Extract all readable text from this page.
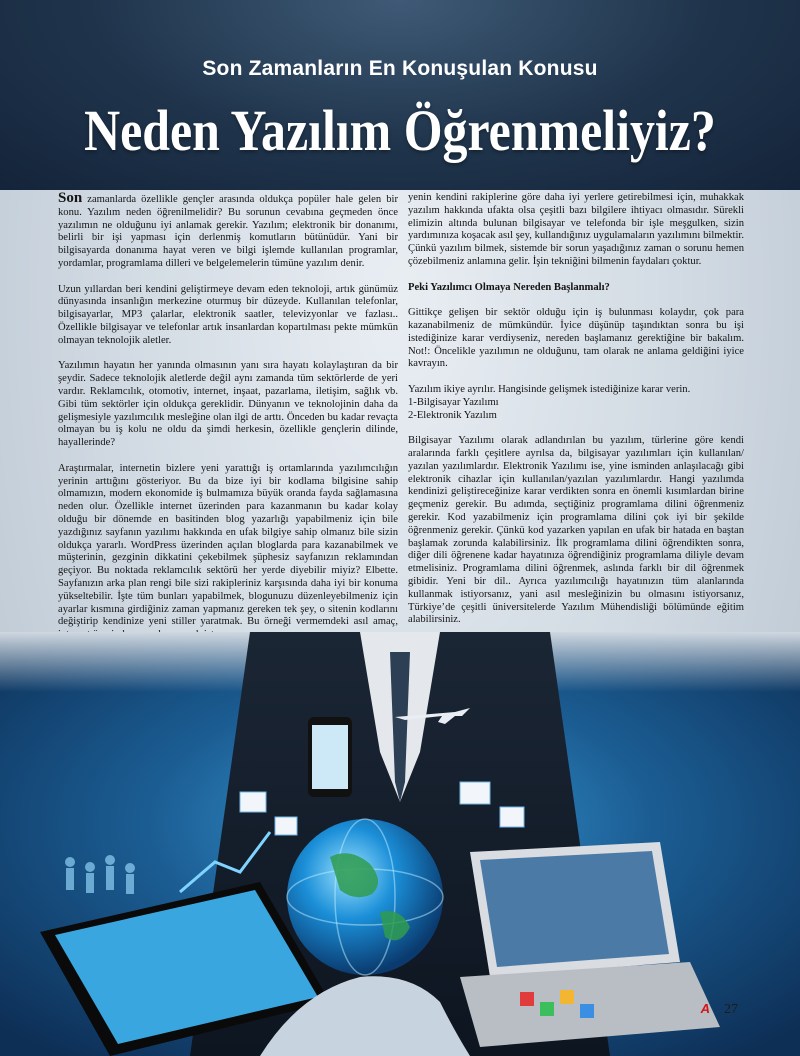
Son Zamanların En Konuşulan Konusu
Neden Yazılım Öğrenmeliyiz?

Son zamanlarda özellikle gençler arasında oldukça popüler hale gelen bir konu. Yazılım neden öğrenilmelidir? Bu sorunun cevabına geçmeden önce yazılımın ne olduğunu iyi anlamak gerekir. Yazılım; elektronik bir donanımı, belirli bir işi yapması için derlenmiş komutların bütünüdür. Yani bir bilgisayarda donanıma hayat veren ve bilgi işlemde kullanılan programlar, yordamlar, programlama dilleri ve belgelemelerin tümüne yazılım denir.

Uzun yıllardan beri kendini geliştirmeye devam eden teknoloji, artık günümüz dünyasında insanlığın merkezine oturmuş bir düzeyde. Kullanılan telefonlar, bilgisayarlar, MP3 çalarlar, elektronik saatler, televizyonlar ve fazlası.. Özellikle bilgisayar ve telefonlar artık insanlardan kopartılması pekte mümkün olmayan teknolojik aletler.

Yazılımın hayatın her yanında olmasının yanı sıra hayatı kolaylaştıran da bir şeydir. Sadece teknolojik aletlerde değil aynı zamanda tüm sektörlerde de yeri vardır. Reklamcılık, otomotiv, internet, inşaat, pazarlama, iletişim, sağlık vb. Gibi tüm sektörler için oldukça gereklidir. Dünyanın ve teknolojinin daha da gelişmesiyle yazılımcılık mesleğine olan ilgi de arttı. Önceden bu kadar revaçta olmayan bu iş kolu ne oldu da şimdi herkesin, özellikle gençlerin dilinde, hayallerinde?

Araştırmalar, internetin bizlere yeni yarattığı iş ortamlarında yazılımcılığın yerinin arttığını gösteriyor. Bu da bize iyi bir kodlama bilgisine sahip olmamızın, modern ekonomide iş bulmamıza büyük oranda fayda sağlamasına neden olur. Özellikle internet üzerinden para kazanmanın bu kadar kolay olduğu bir dönemde en basitinden blog yazarlığı yapabilmeniz için bile yazdığınız sayfanın yazılımı hakkında en ufak bilgiye sahip olmanız bile sizin oldukça yararlı. WordPress üzerinden açılan bloglarda para kazanabilmek ve müşterinin, gezginin dikkatini çekebilmek şüphesiz sayfanızın reklamından geçiyor. Bu noktada reklamcılık sektörü her yerde diyebilir miyiz? Elbette. Sayfanızın arka plan rengi bile sizi rakipleriniz karşısında daha iyi bir konuma yükseltebilir. İşte tüm bunları yapabilmek, blogunuzu düzenleyebilmeniz için ayarlar kısmına girdiğiniz zaman yapmanız gereken tek şey, o sitenin kodlarını değiştirip kendinize yeni stiller yaratmak. Bu örneği vermemdeki asıl amaç,

yenin kendini rakiplerine göre daha iyi yerlere getirebilmesi için, muhakkak yazılım hakkında ufakta olsa çeşitli bazı bilgilere ihtiyacı olmasıdır. Sürekli elimizin altında bulunan bilgisayar ve telefonda bir işle meşgulken, sizin yardımınıza koşacak asıl şey, kullandığınız uygulamaların yazılımını bilmektir. Çünkü yazılım bilmek, sistemde bir sorun yaşadığınız zaman o sorunu hemen çözebilmeniz anlamına gelir. İşin tekniğini bilmenin faydaları çoktur.

Peki Yazılımcı Olmaya Nereden Başlanmalı?

Gittikçe gelişen bir sektör olduğu için iş bulunması kolaydır, çok para kazanabilmeniz de mümkündür. İyice düşünüp taşındıktan sonra bu işi istediğinize karar verdiyseniz, nereden başlamanız gerektiğine bir bakalım. Not!: Öncelikle yazılımın ne olduğunu, tam olarak ne anlama geldiğini iyice kavrayın.

Yazılım ikiye ayrılır. Hangisinde gelişmek istediğinize karar verin.

1-Bilgisayar Yazılımı

2-Elektronik Yazılım

Bilgisayar Yazılımı olarak adlandırılan bu yazılım, türlerine göre kendi aralarında farklı çeşitlere ayrılsa da, bilgisayar yazılımları için kullanılan/ yazılan yazılımlardır. Elektronik Yazılımı ise, yine isminden anlaşılacağı gibi elektronik cihazlar için kullanılan/yazılan yazılımlardır. Hangi yazılımda kendinizi geliştireceğinize karar verdikten sonra en önemli kısımlardan birine geçmeniz gerekir. Bu adımda, seçtiğiniz programlama dilini öğrenmeniz gerekir. Kod yazabilmeniz için programlama dilini çok iyi bir şekilde öğrenmeniz gerekir. Çünkü kod yazarken yapılan en ufak bir hatada en baştan başlamak zorunda kalabilirsiniz. İlk programlama dilini öğrendikten sonra, diğer dili öğrenene kadar hayatınıza öğrendiğiniz programlama diliyle devam etmelisiniz. Programlama dilini öğrenmek, aslında farklı bir dil öğrenmek gibidir. Yeni bir dil.. Ayrıca yazılımcılığı hayatınızın tüm alanlarında kullanmak istiyorsanız, yani asıl mesleğinizin bu olmasını istiyorsanız, Türkiye’de çeşitli üniversitelerde Yazılım Mühendisliği bölümünde eğitim alabilirsiniz.

A 27
